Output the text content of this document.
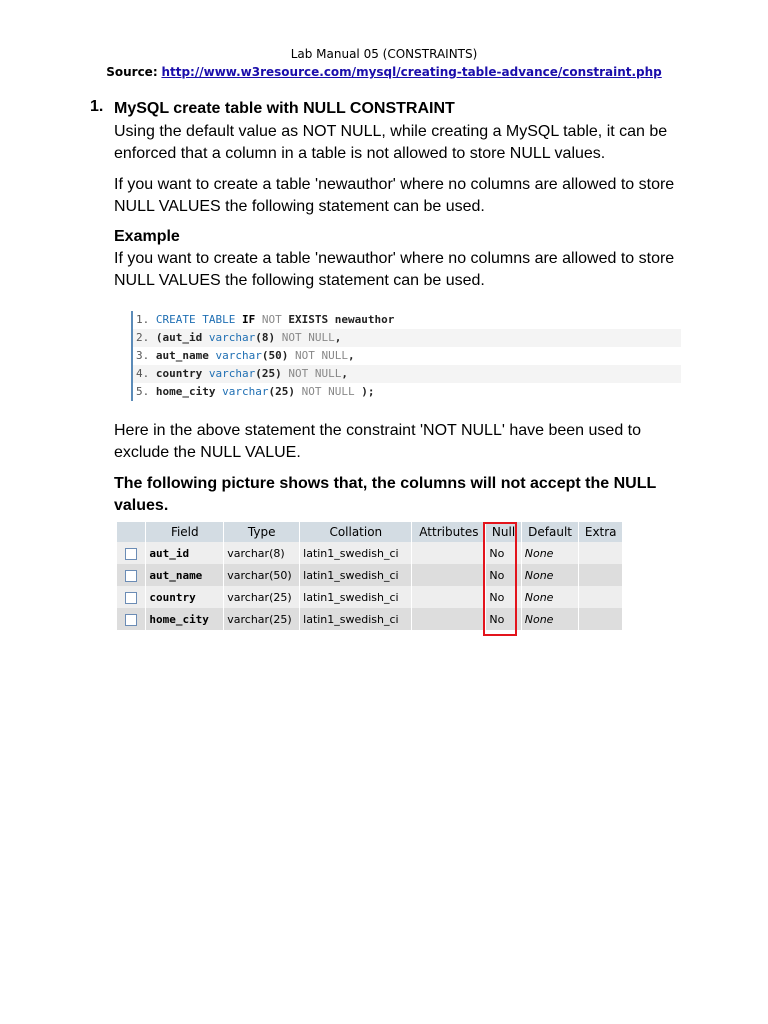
Lab Manual 05 (CONSTRAINTS)
Source: http://www.w3resource.com/mysql/creating-table-advance/constraint.php
1. MySQL create table with NULL CONSTRAINT

Using the default value as NOT NULL, while creating a MySQL table, it can be enforced that a column in a table is not allowed to store NULL values.

If you want to create a table 'newauthor' where no columns are allowed to store NULL VALUES the following statement can be used.

Example

If you want to create a table 'newauthor' where no columns are allowed to store NULL VALUES the following statement can be used.

1. CREATE TABLE IF NOT EXISTS newauthor
2. (aut_id varchar(8) NOT NULL,
3. aut_name varchar(50) NOT NULL,
4. country varchar(25) NOT NULL,
5. home_city varchar(25) NOT NULL );

Here in the above statement the constraint 'NOT NULL' have been used to exclude the NULL VALUE.

The following picture shows that, the columns will not accept the NULL values.

	Field	Type	Collation	Attributes	Null	Default	Extra
	aut_id	varchar(8)	latin1_swedish_ci		No	None	
	aut_name	varchar(50)	latin1_swedish_ci		No	None	
	country	varchar(25)	latin1_swedish_ci		No	None	
	home_city	varchar(25)	latin1_swedish_ci		No	None	
